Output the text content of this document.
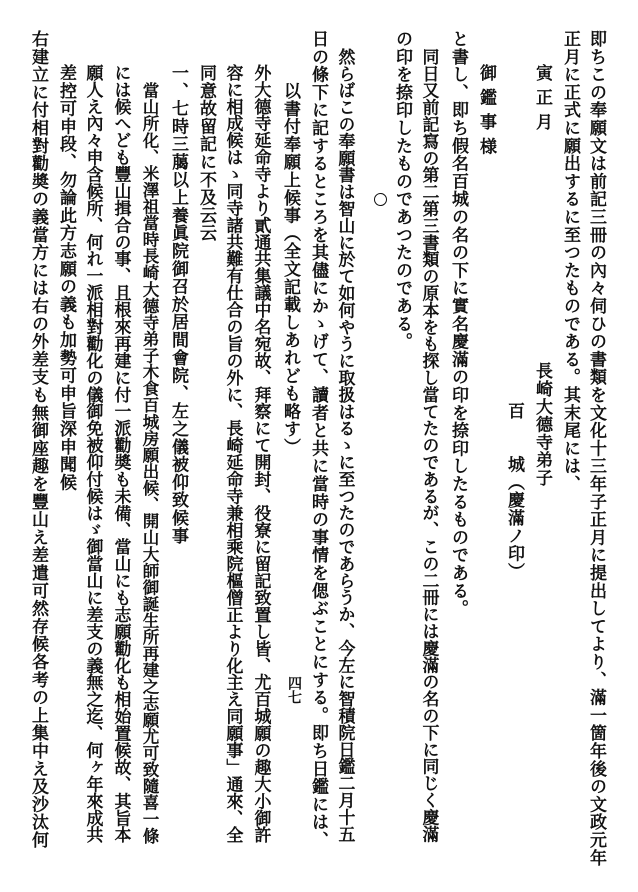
即ちこの奉願文は前記三冊の內々伺ひの書類を文化十三年子正月に提出してより、滿一箇年後の文政元年
正月に正式に願出するに至つたものである。其末尾には、
寅 正 月　　　　　　　　　　　　　長崎大德寺弟子
　　　　　　　　　　　　　　　　　　　百　　城（慶滿ノ印）
御 鑑 事 様
と書し、即ち假名百城の名の下に實名慶滿の印を捺印したるものである。
同日又前記寫の第二第三書類の原本をも探し當てたのであるが、この二冊には慶滿の名の下に同じく慶滿
の印を捺印したものであつたのである。
然らばこの奉願書は智山に於て如何やうに取扱はるゝに至つたのであらうか、今左に智積院日鑑二月十五
日の條下に記するところを其儘にかゝげて、讀者と共に當時の事情を偲ぶことにする。即ち日鑑には、
以書付奉願上候事（全文記載しあれども略す）
外大德寺延命寺より貳通共集議中名宛故、拜察にて開封、役寮に留記致置し皆、尤百城願の趣大小御許
容に相成候はゝ同寺諸共難有仕合の旨の外に、長崎延命寺兼相乘院樞僧正より化主え同願事」通來、全
同意故留記に不及云云
一、七時三﨟以上養眞院御召於居間會院、左之儀被仰致候事
當山所化、米澤祖當時長崎大德寺弟子木食百城房願出候、開山大師御誕生所再建之志願尤可致隨喜一條
には候へども豐山揖合の事、且根來再建に付一派勸奬も未備、當山にも志願勸化も相始置候故、其旨本
願人え內々申含候所、何れ一派相對勸化の儀御免被仰付候はゞ御當山に差支の義無之迄、何ヶ年來成共
差控可申段、勿論此方志願の義も加勢可申旨深申聞候
右建立に付相對勸奬の義當方には右の外差支も無御座趣を豐山え差遣可然存候各考の上集中え及沙汰何	四七
